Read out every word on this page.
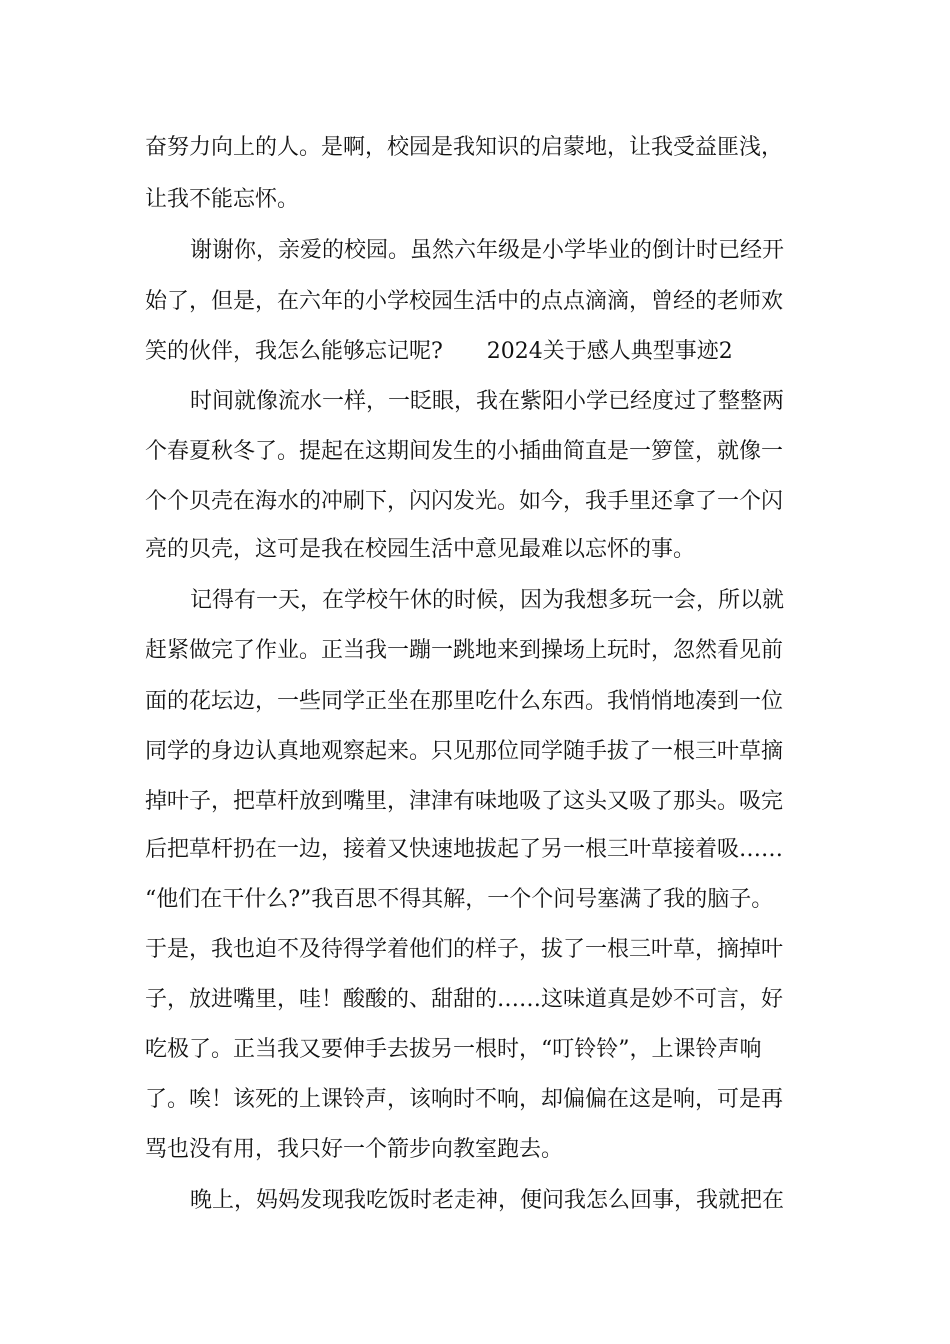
奋努力向上的人。是啊，校园是我知识的启蒙地，让我受益匪浅，
让我不能忘怀。
谢谢你，亲爱的校园。虽然六年级是小学毕业的倒计时已经开
始了，但是，在六年的小学校园生活中的点点滴滴，曾经的老师欢
笑的伙伴，我怎么能够忘记呢?　　2024关于感人典型事迹2
时间就像流水一样，一眨眼，我在紫阳小学已经度过了整整两
个春夏秋冬了。提起在这期间发生的小插曲简直是一箩筐，就像一
个个贝壳在海水的冲刷下，闪闪发光。如今，我手里还拿了一个闪
亮的贝壳，这可是我在校园生活中意见最难以忘怀的事。
记得有一天，在学校午休的时候，因为我想多玩一会，所以就
赶紧做完了作业。正当我一蹦一跳地来到操场上玩时，忽然看见前
面的花坛边，一些同学正坐在那里吃什么东西。我悄悄地凑到一位
同学的身边认真地观察起来。只见那位同学随手拔了一根三叶草摘
掉叶子，把草杆放到嘴里，津津有味地吸了这头又吸了那头。吸完
后把草杆扔在一边，接着又快速地拔起了另一根三叶草接着吸……
“他们在干什么?”我百思不得其解，一个个问号塞满了我的脑子。
于是，我也迫不及待得学着他们的样子，拔了一根三叶草，摘掉叶
子，放进嘴里，哇！酸酸的、甜甜的……这味道真是妙不可言，好
吃极了。正当我又要伸手去拔另一根时，“叮铃铃”，上课铃声响
了。唉！该死的上课铃声，该响时不响，却偏偏在这是响，可是再
骂也没有用，我只好一个箭步向教室跑去。
晚上，妈妈发现我吃饭时老走神，便问我怎么回事，我就把在
